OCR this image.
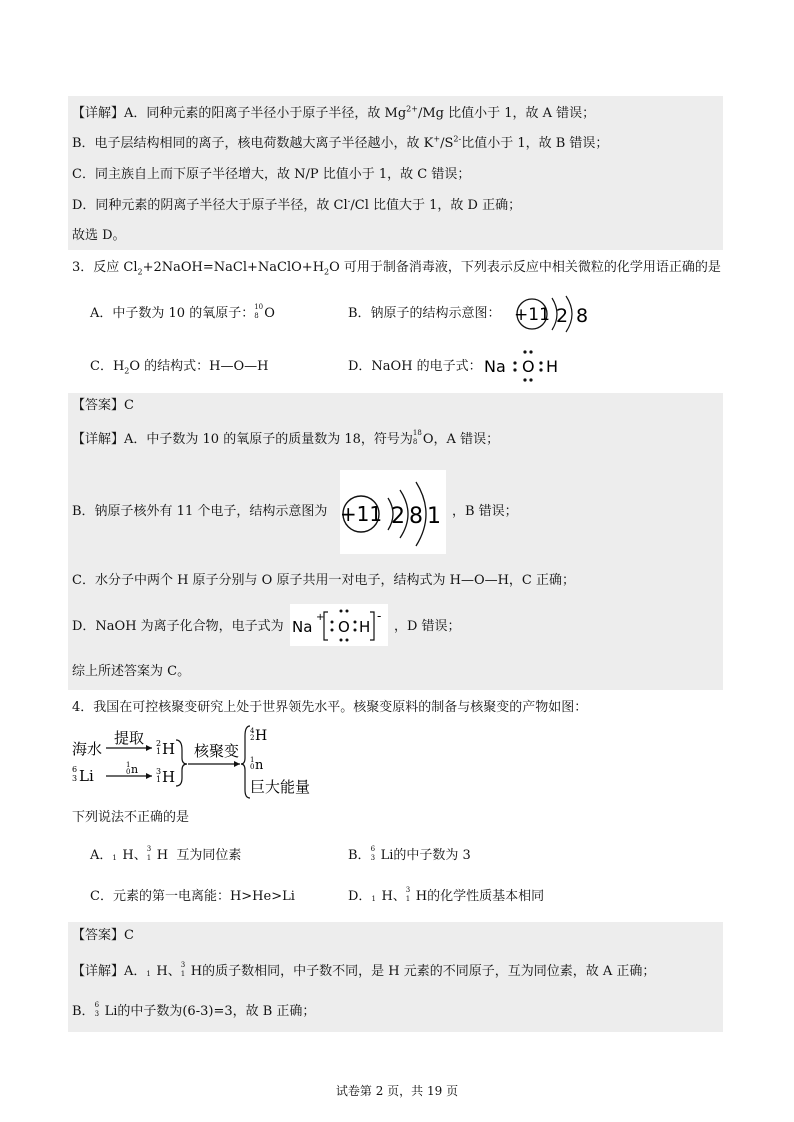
【详解】A．同种元素的阳离子半径小于原子半径，故 $Mg^{2+}/Mg$ 比值小于 1，故 A 错误；
B．电子层结构相同的离子，核电荷数越大离子半径越小，故 $K^+/S^{2-}$比值小于 1，故 B 错误；
C．同主族自上而下原子半径增大，故 N/P 比值小于 1，故 C 错误；
D．同种元素的阴离子半径大于原子半径，故 Cl-/Cl 比值大于 1，故 D 正确；
故选 D。
3．反应 $Cl_2+2NaOH=NaCl+NaClO+H_2O$ 可用于制备消毒液，下列表示反应中相关微粒的化学用语正确的是
A．中子数为 10 的氧原子： 10
8 O	B．钠原子的结构示意图： +11 2 8
C．$H_2O$ 的结构式：H—O—H	D．NaOH 的电子式： Na O H
【答案】C
【详解】A．中子数为 10 的氧原子的质量数为 18，符号为 18
8 O，A 错误；
B．钠原子核外有 11 个电子，结构示意图为 +11 2 8 1 ，B 错误；
C．水分子中两个 H 原子分别与 O 原子共用一对电子，结构式为 H—O—H，C 正确；
D．NaOH 为离子化合物，电子式为 Na
+
O H
-
，D 错误；
综上所述答案为 C。
4．我国在可控核聚变研究上处于世界领先水平。核聚变原料的制备与核聚变的产物如图：
海水
提取 2
1 H
6
3 Li
1
0 n 3
1 H
核聚变
4
2 H
1
0 n
巨大能量
下列说法不正确的是
A．
1 H、 3
1 H 互为同位素	B． 6
3 Li的中子数为 3
C．元素的第一电离能：H>He>Li	D．
1 H、 3
1 H的化学性质基本相同
【答案】C
【详解】A．
1 H、 3
1 H的质子数相同，中子数不同，是 H 元素的不同原子，互为同位素，故 A 正确；
B． 6
3 Li的中子数为(6-3)=3，故 B 正确；
试卷第 2 页，共 19 页
